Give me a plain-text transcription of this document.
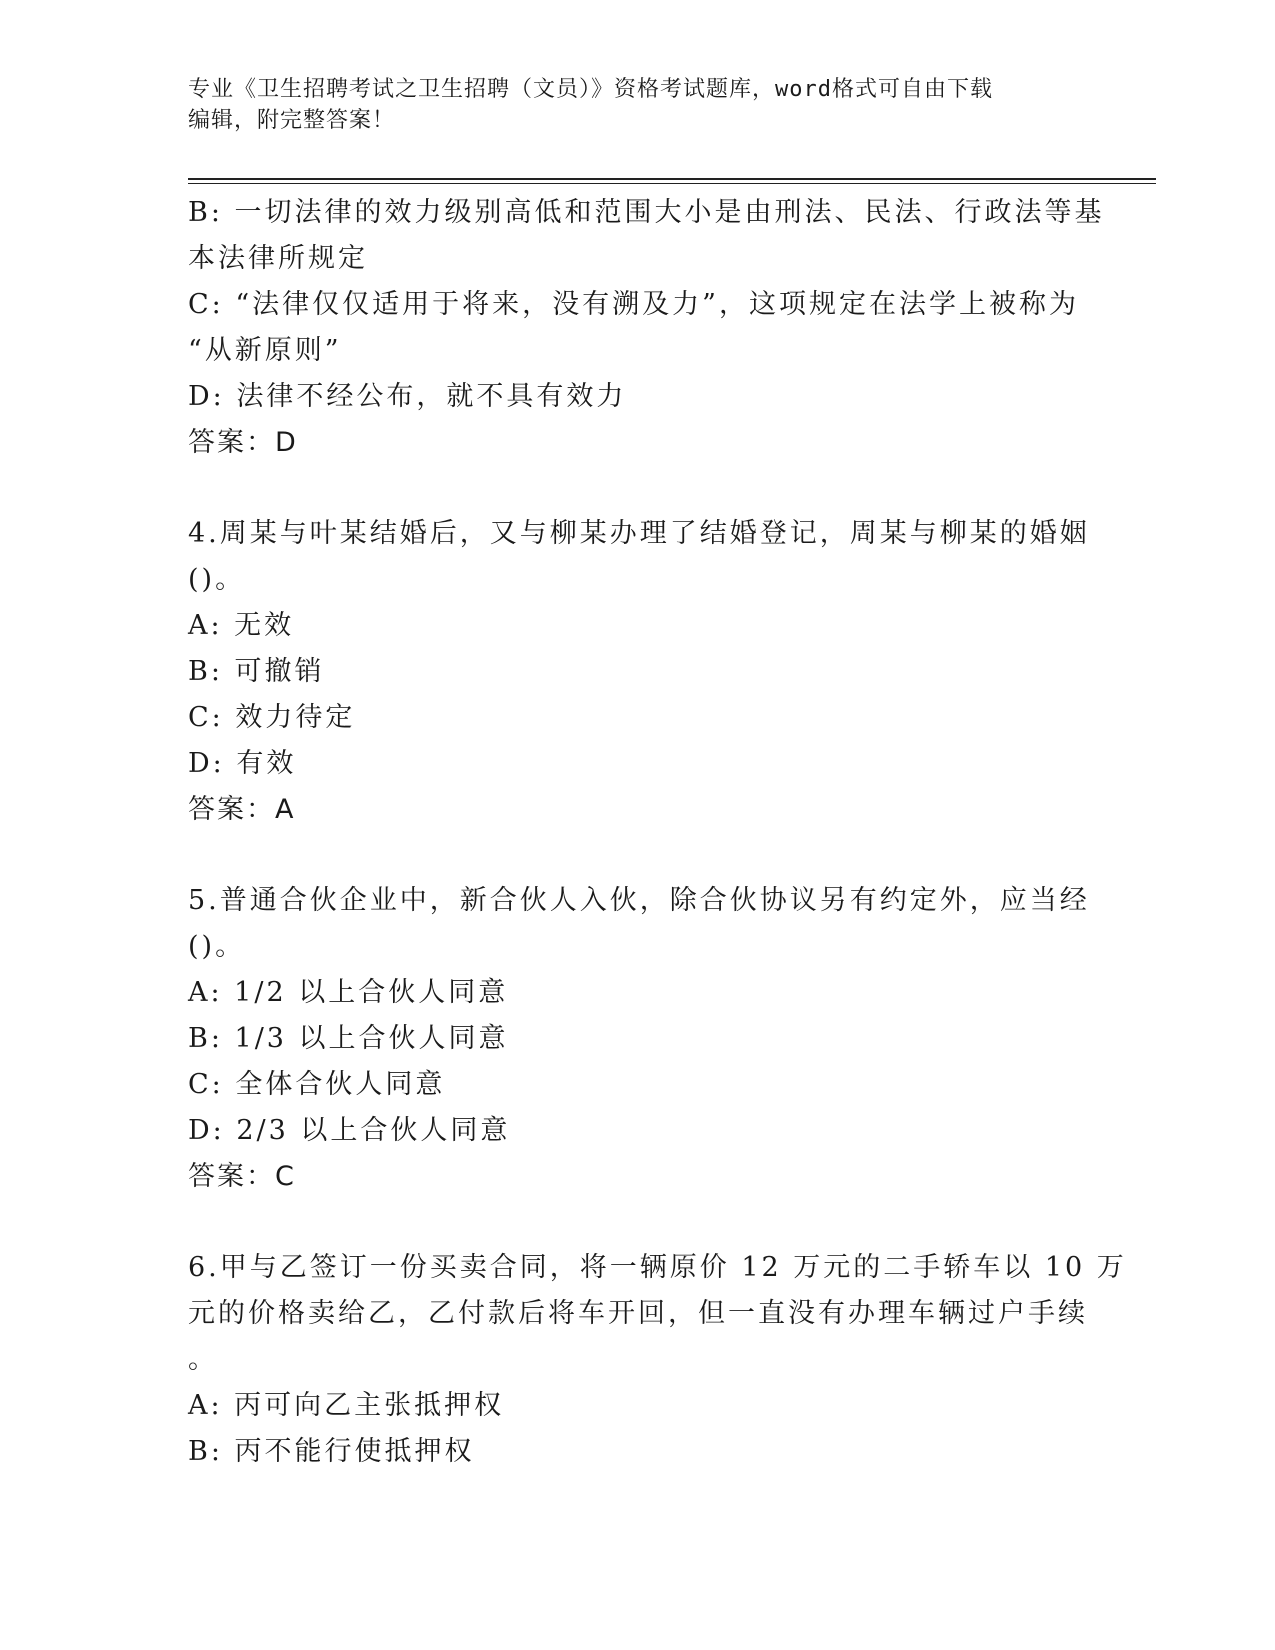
专业《卫生招聘考试之卫生招聘（文员）》资格考试题库，word格式可自由下载
编辑，附完整答案！
B: 一切法律的效力级别高低和范围大小是由刑法、民法、行政法等基
本法律所规定
C: “法律仅仅适用于将来，没有溯及力”，这项规定在法学上被称为
“从新原则”
D: 法律不经公布，就不具有效力
答案：D
4.周某与叶某结婚后，又与柳某办理了结婚登记，周某与柳某的婚姻
()。
A: 无效
B: 可撤销
C: 效力待定
D: 有效
答案：A
5.普通合伙企业中，新合伙人入伙，除合伙协议另有约定外，应当经
()。
A: 1/2 以上合伙人同意
B: 1/3 以上合伙人同意
C: 全体合伙人同意
D: 2/3 以上合伙人同意
答案：C
6.甲与乙签订一份买卖合同，将一辆原价 12 万元的二手轿车以 10 万
元的价格卖给乙，乙付款后将车开回，但一直没有办理车辆过户手续
。
A: 丙可向乙主张抵押权
B: 丙不能行使抵押权
